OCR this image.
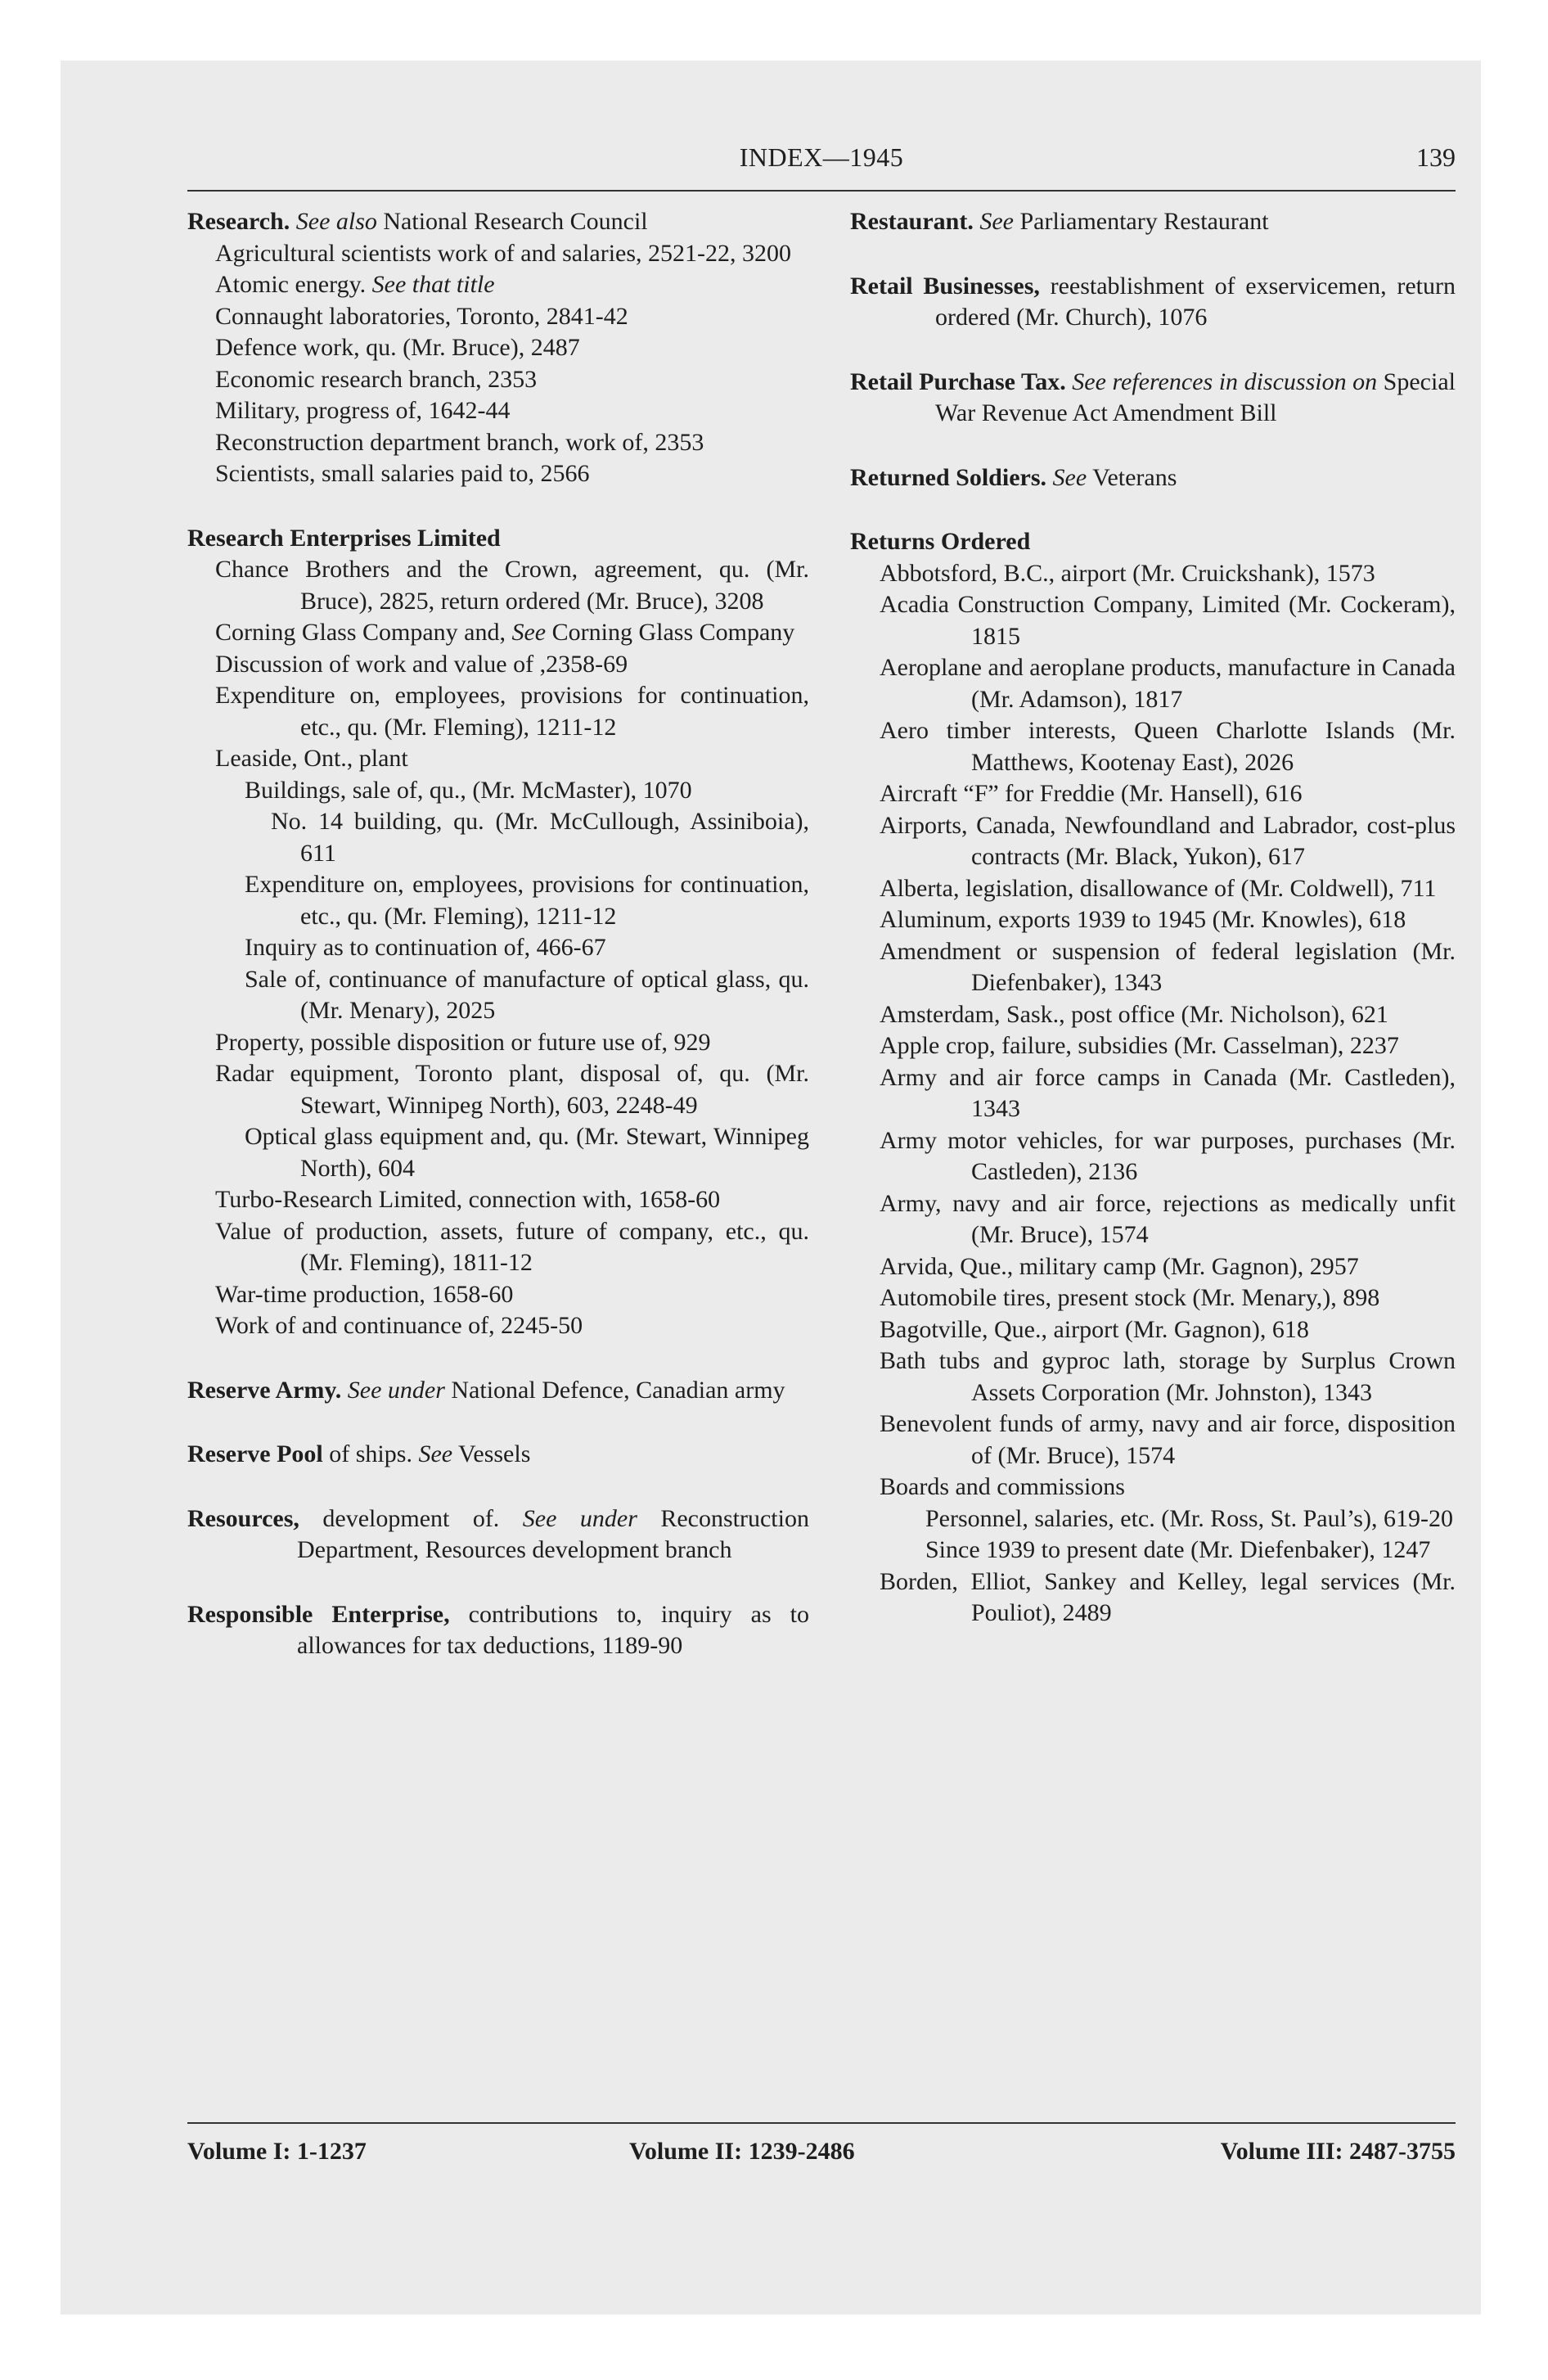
INDEX—1945	139

Research. See also National Research Council

Agricultural scientists work of and salaries, 2521-22, 3200

Atomic energy. See that title

Connaught laboratories, Toronto, 2841-42

Defence work, qu. (Mr. Bruce), 2487

Economic research branch, 2353

Military, progress of, 1642-44

Reconstruction department branch, work of, 2353

Scientists, small salaries paid to, 2566

Research Enterprises Limited

Chance Brothers and the Crown, agreement, qu. (Mr. Bruce), 2825, return ordered (Mr. Bruce), 3208

Corning Glass Company and, See Corning Glass Company

Discussion of work and value of ,2358-69

Expenditure on, employees, provisions for continuation, etc., qu. (Mr. Fleming), 1211-12

Leaside, Ont., plant

Buildings, sale of, qu., (Mr. McMaster), 1070

No. 14 building, qu. (Mr. McCullough, Assiniboia), 611

Expenditure on, employees, provisions for continuation, etc., qu. (Mr. Fleming), 1211-12

Inquiry as to continuation of, 466-67

Sale of, continuance of manufacture of optical glass, qu. (Mr. Menary), 2025

Property, possible disposition or future use of, 929

Radar equipment, Toronto plant, disposal of, qu. (Mr. Stewart, Winnipeg North), 603, 2248-49

Optical glass equipment and, qu. (Mr. Stewart, Winnipeg North), 604

Turbo-Research Limited, connection with, 1658-60

Value of production, assets, future of company, etc., qu. (Mr. Fleming), 1811-12

War-time production, 1658-60

Work of and continuance of, 2245-50

Reserve Army. See under National Defence, Canadian army

Reserve Pool of ships. See Vessels

Resources, development of. See under Reconstruction Department, Resources development branch

Responsible Enterprise, contributions to, inquiry as to allowances for tax deductions, 1189-90

Restaurant. See Parliamentary Restaurant

Retail Businesses, reestablishment of exservicemen, return ordered (Mr. Church), 1076

Retail Purchase Tax. See references in discussion on Special War Revenue Act Amendment Bill

Returned Soldiers. See Veterans

Returns Ordered

Abbotsford, B.C., airport (Mr. Cruickshank), 1573

Acadia Construction Company, Limited (Mr. Cockeram), 1815

Aeroplane and aeroplane products, manufacture in Canada (Mr. Adamson), 1817

Aero timber interests, Queen Charlotte Islands (Mr. Matthews, Kootenay East), 2026

Aircraft “F” for Freddie (Mr. Hansell), 616

Airports, Canada, Newfoundland and Labrador, cost-plus contracts (Mr. Black, Yukon), 617

Alberta, legislation, disallowance of (Mr. Coldwell), 711

Aluminum, exports 1939 to 1945 (Mr. Knowles), 618

Amendment or suspension of federal legislation (Mr. Diefenbaker), 1343

Amsterdam, Sask., post office (Mr. Nicholson), 621

Apple crop, failure, subsidies (Mr. Casselman), 2237

Army and air force camps in Canada (Mr. Castleden), 1343

Army motor vehicles, for war purposes, purchases (Mr. Castleden), 2136

Army, navy and air force, rejections as medically unfit (Mr. Bruce), 1574

Arvida, Que., military camp (Mr. Gagnon), 2957

Automobile tires, present stock (Mr. Menary,), 898

Bagotville, Que., airport (Mr. Gagnon), 618

Bath tubs and gyproc lath, storage by Surplus Crown Assets Corporation (Mr. Johnston), 1343

Benevolent funds of army, navy and air force, disposition of (Mr. Bruce), 1574

Boards and commissions

Personnel, salaries, etc. (Mr. Ross, St. Paul’s), 619-20

Since 1939 to present date (Mr. Diefenbaker), 1247

Borden, Elliot, Sankey and Kelley, legal services (Mr. Pouliot), 2489

Volume I: 1-1237	Volume II: 1239-2486	Volume III: 2487-3755
